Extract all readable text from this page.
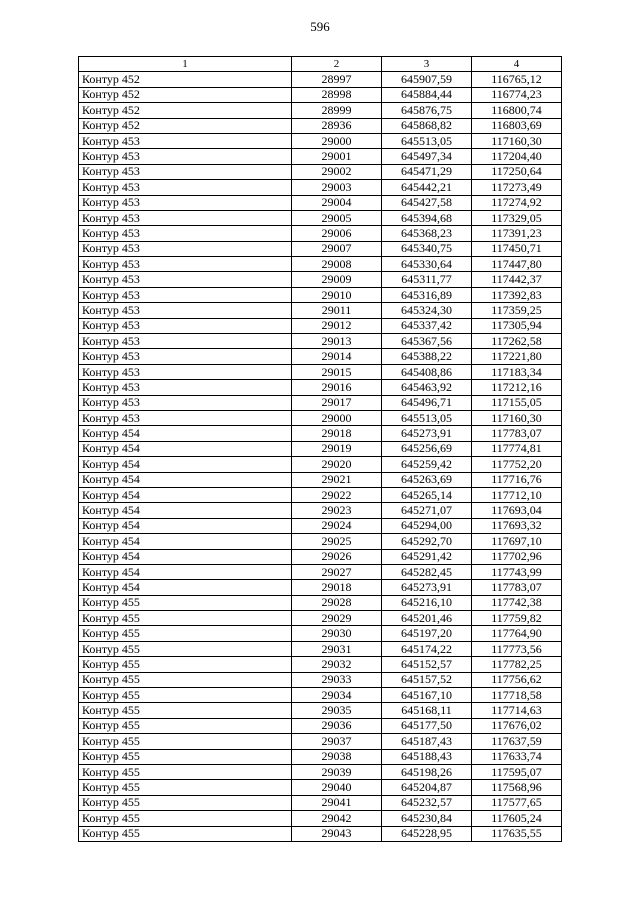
596
1	2	3	4
Контур 452	28997	645907,59	116765,12
Контур 452	28998	645884,44	116774,23
Контур 452	28999	645876,75	116800,74
Контур 452	28936	645868,82	116803,69
Контур 453	29000	645513,05	117160,30
Контур 453	29001	645497,34	117204,40
Контур 453	29002	645471,29	117250,64
Контур 453	29003	645442,21	117273,49
Контур 453	29004	645427,58	117274,92
Контур 453	29005	645394,68	117329,05
Контур 453	29006	645368,23	117391,23
Контур 453	29007	645340,75	117450,71
Контур 453	29008	645330,64	117447,80
Контур 453	29009	645311,77	117442,37
Контур 453	29010	645316,89	117392,83
Контур 453	29011	645324,30	117359,25
Контур 453	29012	645337,42	117305,94
Контур 453	29013	645367,56	117262,58
Контур 453	29014	645388,22	117221,80
Контур 453	29015	645408,86	117183,34
Контур 453	29016	645463,92	117212,16
Контур 453	29017	645496,71	117155,05
Контур 453	29000	645513,05	117160,30
Контур 454	29018	645273,91	117783,07
Контур 454	29019	645256,69	117774,81
Контур 454	29020	645259,42	117752,20
Контур 454	29021	645263,69	117716,76
Контур 454	29022	645265,14	117712,10
Контур 454	29023	645271,07	117693,04
Контур 454	29024	645294,00	117693,32
Контур 454	29025	645292,70	117697,10
Контур 454	29026	645291,42	117702,96
Контур 454	29027	645282,45	117743,99
Контур 454	29018	645273,91	117783,07
Контур 455	29028	645216,10	117742,38
Контур 455	29029	645201,46	117759,82
Контур 455	29030	645197,20	117764,90
Контур 455	29031	645174,22	117773,56
Контур 455	29032	645152,57	117782,25
Контур 455	29033	645157,52	117756,62
Контур 455	29034	645167,10	117718,58
Контур 455	29035	645168,11	117714,63
Контур 455	29036	645177,50	117676,02
Контур 455	29037	645187,43	117637,59
Контур 455	29038	645188,43	117633,74
Контур 455	29039	645198,26	117595,07
Контур 455	29040	645204,87	117568,96
Контур 455	29041	645232,57	117577,65
Контур 455	29042	645230,84	117605,24
Контур 455	29043	645228,95	117635,55
